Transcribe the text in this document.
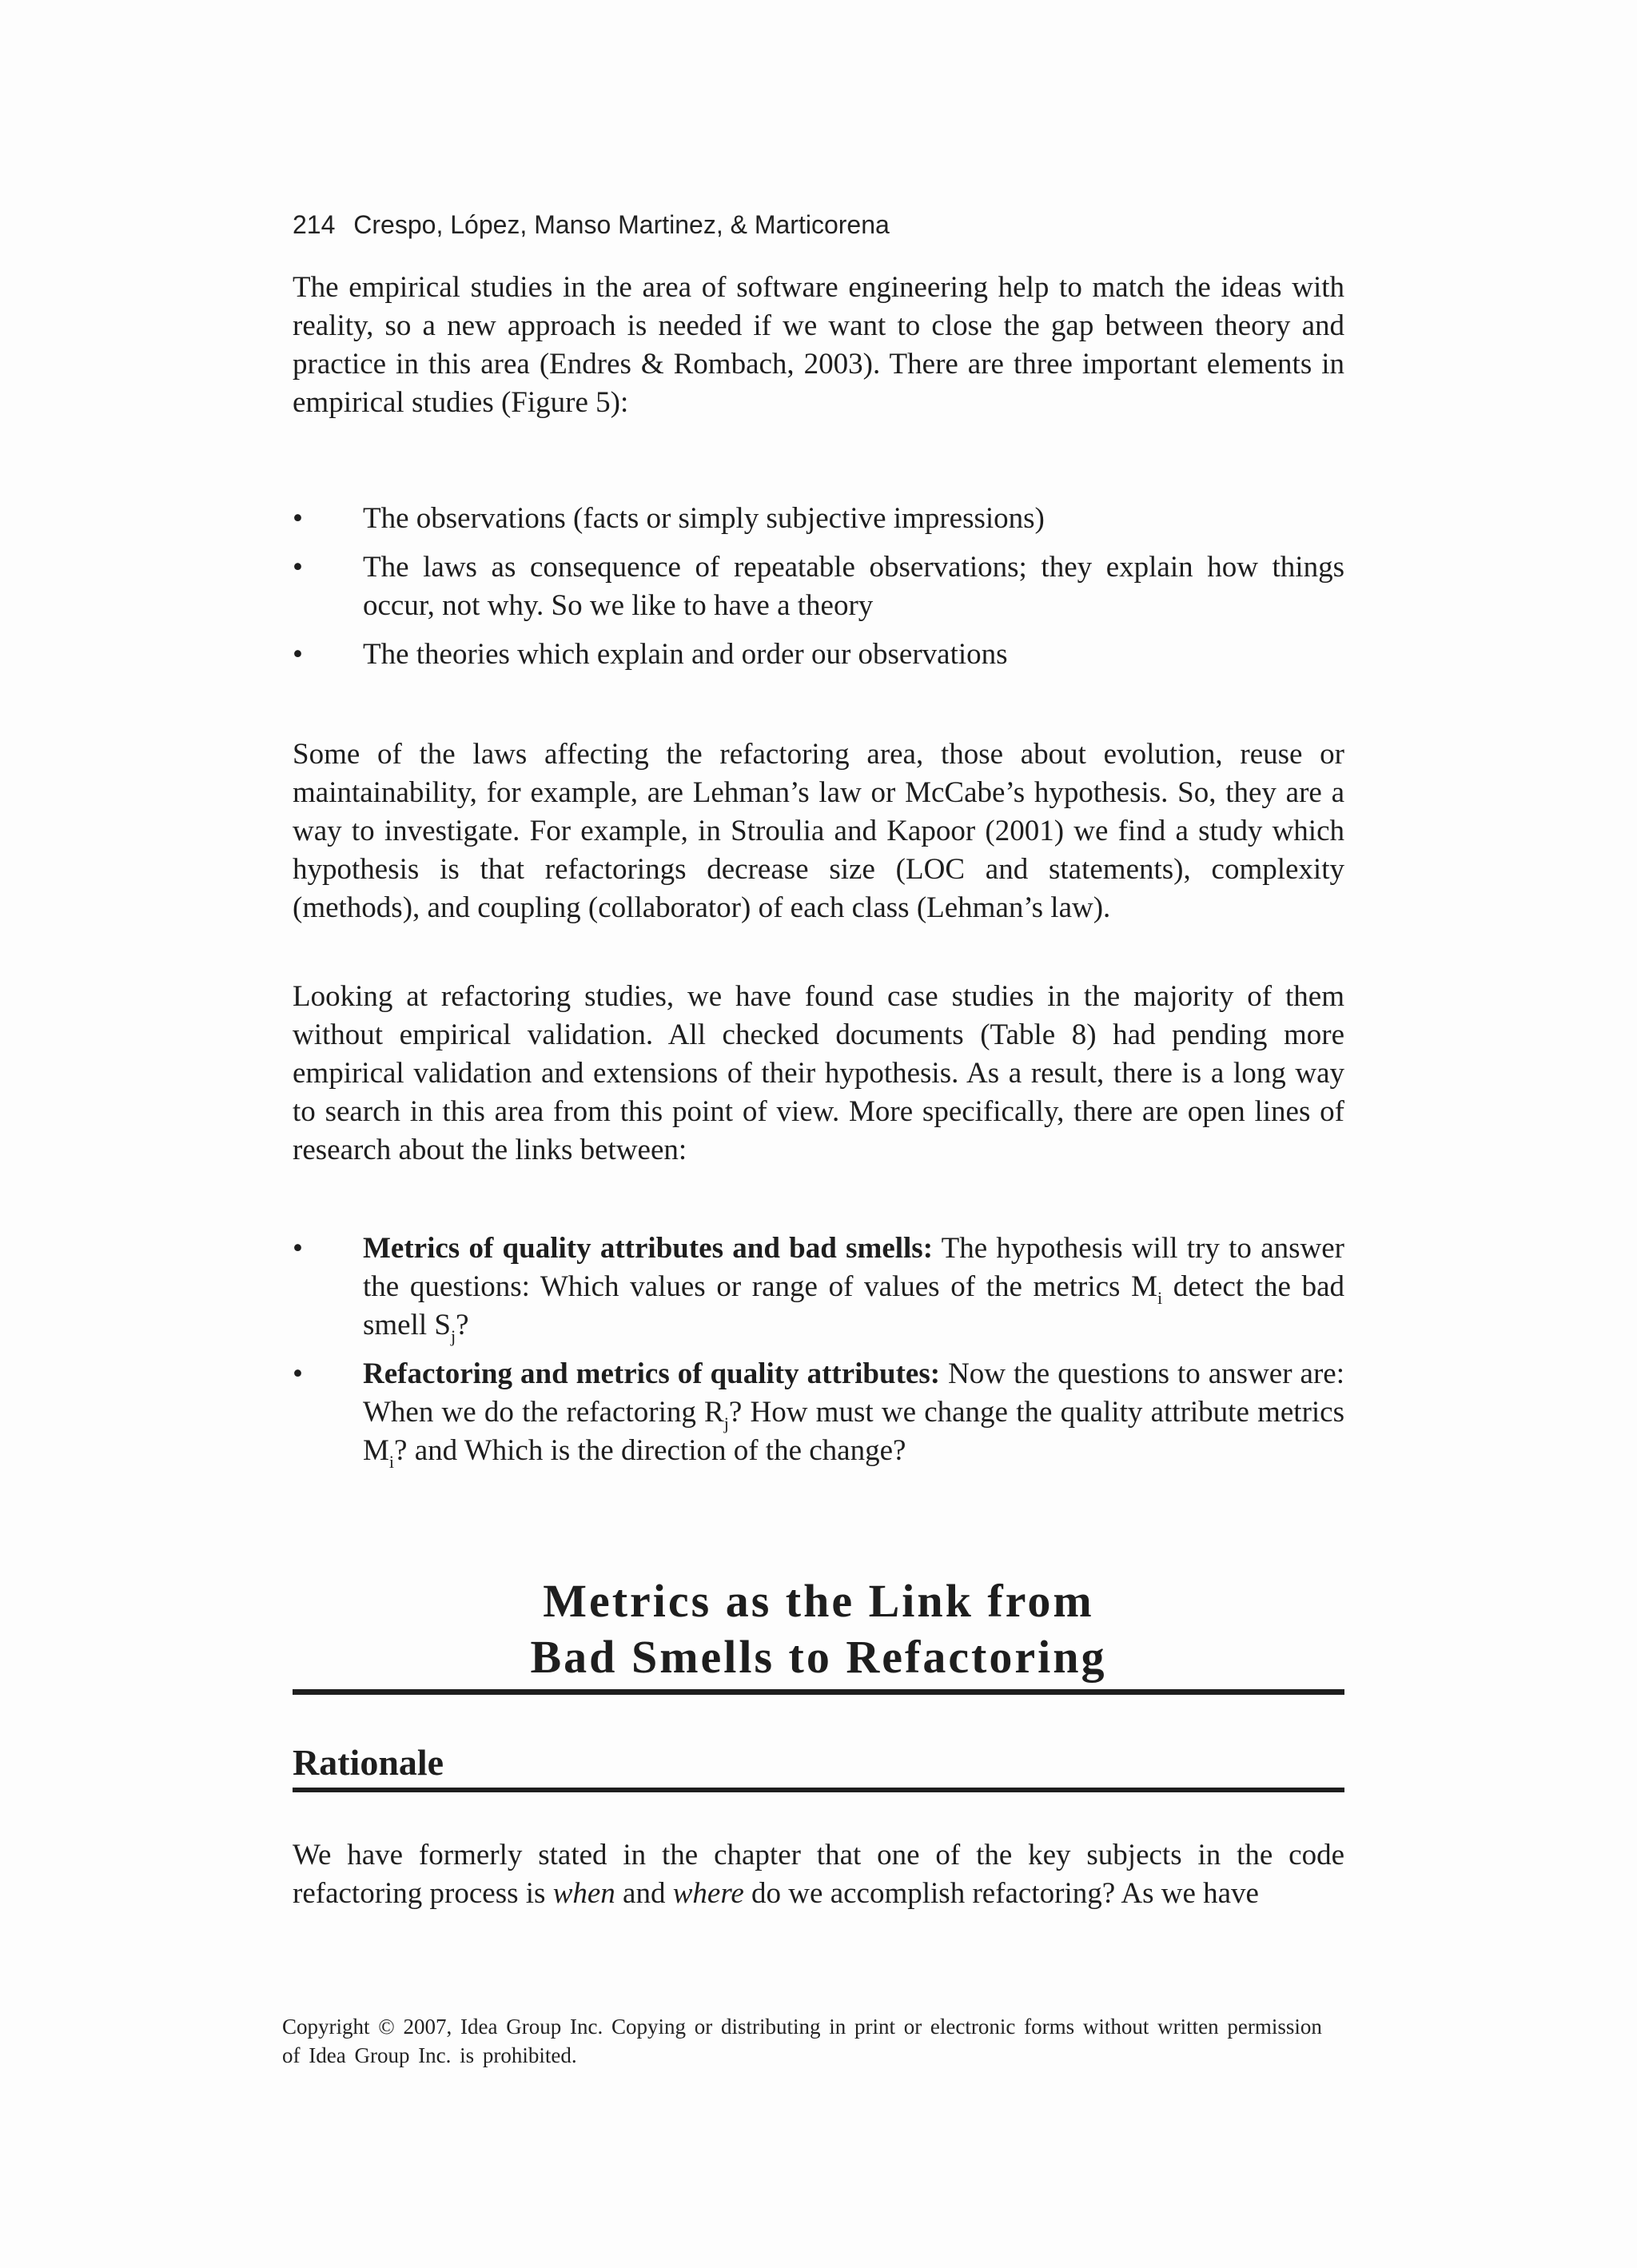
214 Crespo, López, Manso Martinez, & Marticorena

The empirical studies in the area of software engineering help to match the ideas with reality, so a new approach is needed if we want to close the gap between theory and practice in this area (Endres & Rombach, 2003). There are three important elements in empirical studies (Figure 5):

• The observations (facts or simply subjective impressions)
• The laws as consequence of repeatable observations; they explain how things occur, not why. So we like to have a theory
• The theories which explain and order our observations

Some of the laws affecting the refactoring area, those about evolution, reuse or maintainability, for example, are Lehman’s law or McCabe’s hypothesis. So, they are a way to investigate. For example, in Stroulia and Kapoor (2001) we find a study which hypothesis is that refactorings decrease size (LOC and statements), complexity (methods), and coupling (collaborator) of each class (Lehman’s law).

Looking at refactoring studies, we have found case studies in the majority of them without empirical validation. All checked documents (Table 8) had pending more empirical validation and extensions of their hypothesis. As a result, there is a long way to search in this area from this point of view. More specifically, there are open lines of research about the links between:

• Metrics of quality attributes and bad smells: The hypothesis will try to answer the questions: Which values or range of values of the metrics $M_i$ detect the bad smell $S_j$?
• Refactoring and metrics of quality attributes: Now the questions to answer are: When we do the refactoring $R_j$? How must we change the quality attribute metrics $M_i$? and Which is the direction of the change?
Metrics as the Link from
Bad Smells to Refactoring
Rationale

We have formerly stated in the chapter that one of the key subjects in the code refactoring process is when and where do we accomplish refactoring? As we have

Copyright © 2007, Idea Group Inc. Copying or distributing in print or electronic forms without written permission of Idea Group Inc. is prohibited.
